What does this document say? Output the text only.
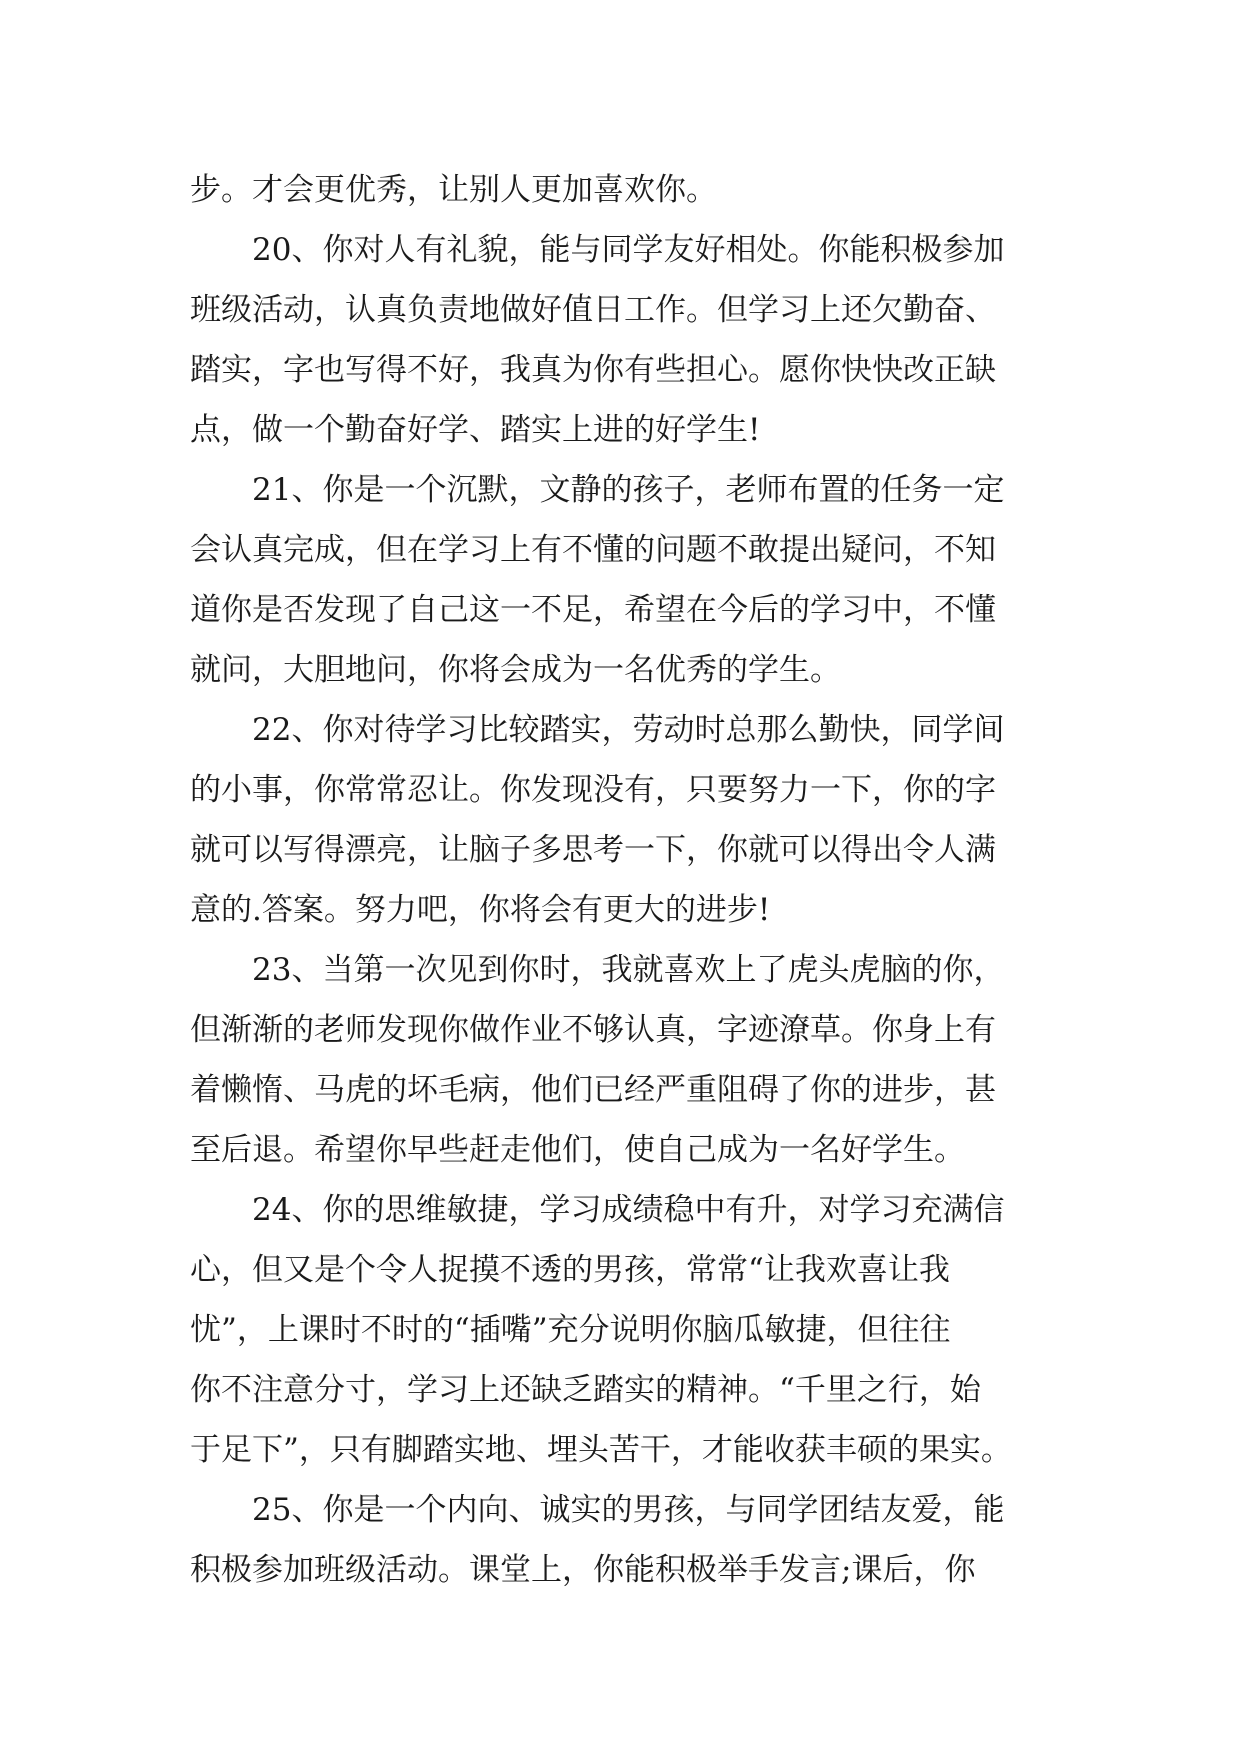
步。才会更优秀，让别人更加喜欢你。
20、你对人有礼貌，能与同学友好相处。你能积极参加
班级活动，认真负责地做好值日工作。但学习上还欠勤奋、
踏实，字也写得不好，我真为你有些担心。愿你快快改正缺
点，做一个勤奋好学、踏实上进的好学生!
21、你是一个沉默，文静的孩子，老师布置的任务一定
会认真完成，但在学习上有不懂的问题不敢提出疑问，不知
道你是否发现了自己这一不足，希望在今后的学习中，不懂
就问，大胆地问，你将会成为一名优秀的学生。
22、你对待学习比较踏实，劳动时总那么勤快，同学间
的小事，你常常忍让。你发现没有，只要努力一下，你的字
就可以写得漂亮，让脑子多思考一下，你就可以得出令人满
意的.答案。努力吧，你将会有更大的进步!
23、当第一次见到你时，我就喜欢上了虎头虎脑的你，
但渐渐的老师发现你做作业不够认真，字迹潦草。你身上有
着懒惰、马虎的坏毛病，他们已经严重阻碍了你的进步，甚
至后退。希望你早些赶走他们，使自己成为一名好学生。
24、你的思维敏捷，学习成绩稳中有升，对学习充满信
心，但又是个令人捉摸不透的男孩，常常“让我欢喜让我
忧”，上课时不时的“插嘴”充分说明你脑瓜敏捷，但往往
你不注意分寸，学习上还缺乏踏实的精神。“千里之行，始
于足下”，只有脚踏实地、埋头苦干，才能收获丰硕的果实。
25、你是一个内向、诚实的男孩，与同学团结友爱，能
积极参加班级活动。课堂上，你能积极举手发言;课后，你
